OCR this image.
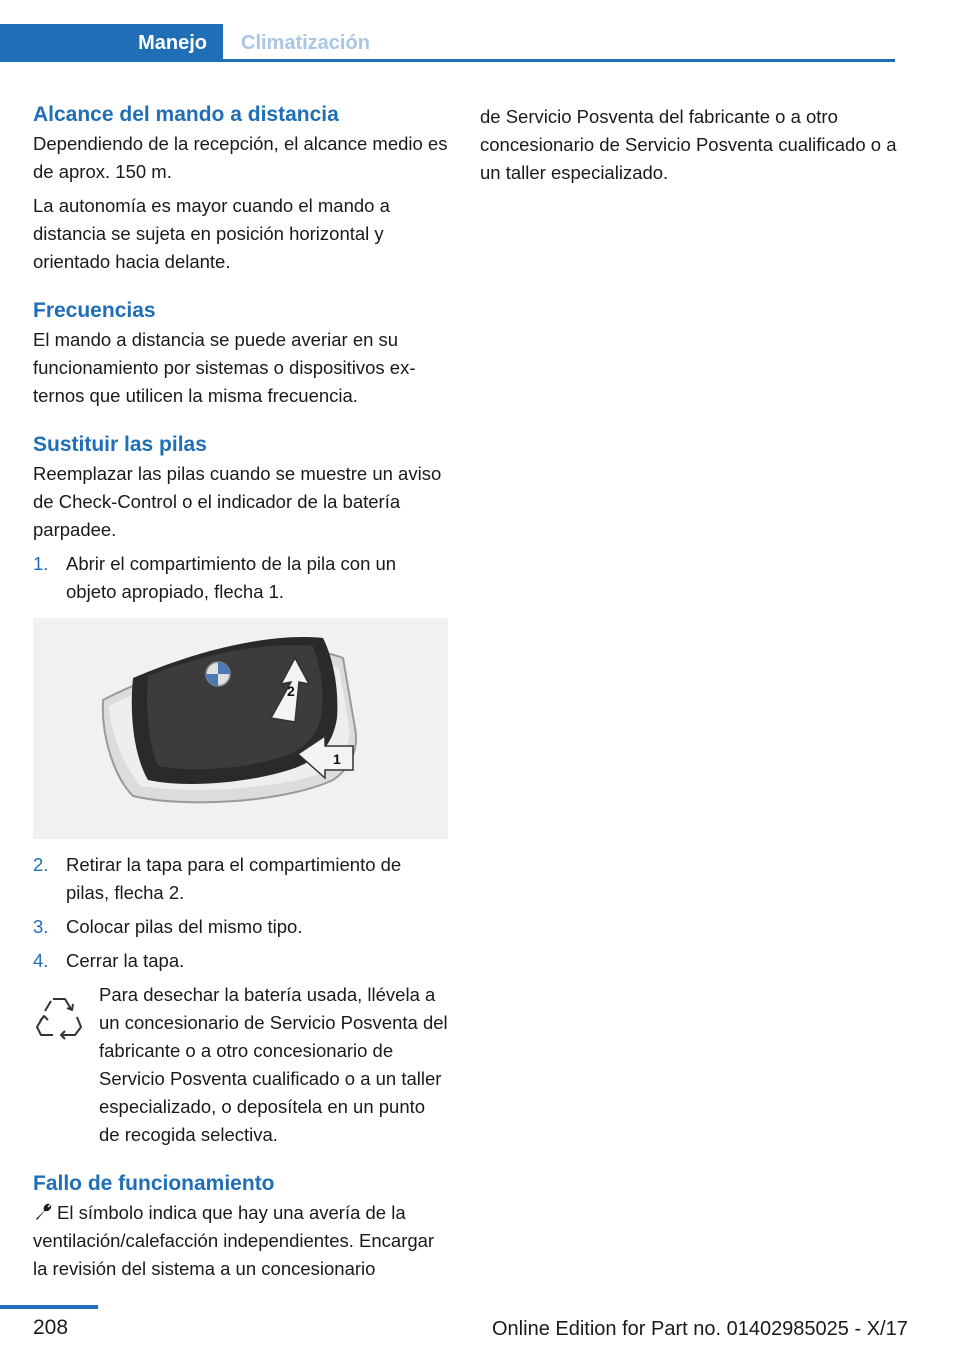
Manejo Climatización
Alcance del mando a distancia

Dependiendo de la recepción, el alcance medio es de aprox. 150 m.

La autonomía es mayor cuando el mando a distancia se sujeta en posición horizontal y orientado hacia delante.

Frecuencias

El mando a distancia se puede averiar en su funcionamiento por sistemas o dispositivos externos que utilicen la misma frecuencia.

Sustituir las pilas

Reemplazar las pilas cuando se muestre un aviso de Check-Control o el indicador de la batería parpadee.

1. Abrir el compartimiento de la pila con un objeto apropiado, flecha 1.
2
1
2. Retirar la tapa para el compartimiento de pilas, flecha 2.
3. Colocar pilas del mismo tipo.
4. Cerrar la tapa.

Para desechar la batería usada, llévela a un concesionario de Servicio Posventa del fabricante o a otro concesionario de Servicio Posventa cualificado o a un taller especializado, o deposítela en un punto de recogida selectiva.

Fallo de funcionamiento

El símbolo indica que hay una avería de la ventilación/calefacción independientes. Encargar la revisión del sistema a un concesionario

de Servicio Posventa del fabricante o a otro concesionario de Servicio Posventa cualificado o a un taller especializado.

208	Online Edition for Part no. 01402985025 - X/17
